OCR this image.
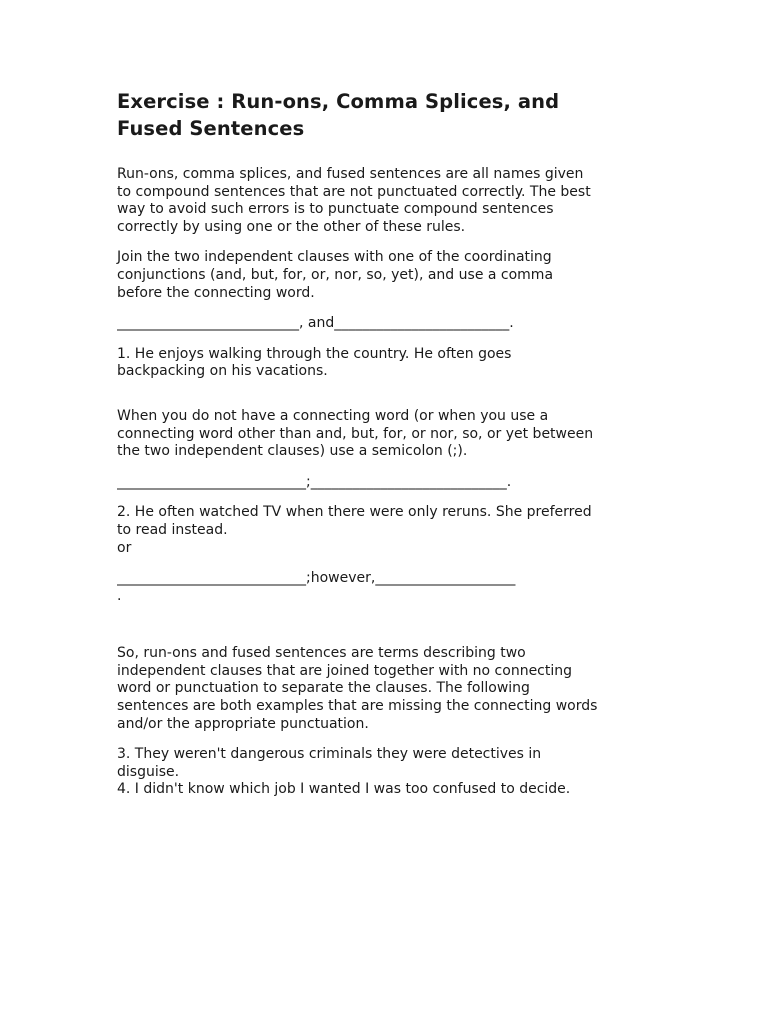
Exercise : Run-ons, Comma Splices, and
Fused Sentences

Run-ons, comma splices, and fused sentences are all names given
to compound sentences that are not punctuated correctly. The best
way to avoid such errors is to punctuate compound sentences
correctly by using one or the other of these rules.

Join the two independent clauses with one of the coordinating
conjunctions (and, but, for, or, nor, so, yet), and use a comma
before the connecting word.

__________________________, and_________________________.

1. He enjoys walking through the country. He often goes
backpacking on his vacations.

When you do not have a connecting word (or when you use a
connecting word other than and, but, for, or nor, so, or yet between
the two independent clauses) use a semicolon (;).

___________________________;____________________________.

2. He often watched TV when there were only reruns. She preferred
to read instead.
or

___________________________;however,____________________
.

So, run-ons and fused sentences are terms describing two
independent clauses that are joined together with no connecting
word or punctuation to separate the clauses. The following
sentences are both examples that are missing the connecting words
and/or the appropriate punctuation.

3. They weren't dangerous criminals they were detectives in
disguise.
4. I didn't know which job I wanted I was too confused to decide.
